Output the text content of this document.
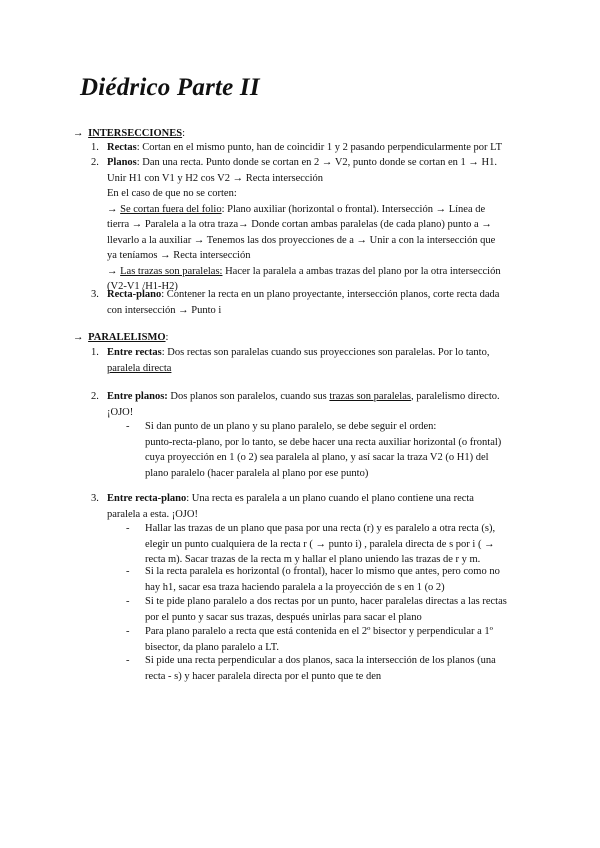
Diédrico Parte II
→ INTERSECCIONES:
1. Rectas: Cortan en el mismo punto, han de coincidir 1 y 2 pasando perpendicularmente por LT
2. Planos: Dan una recta. Punto donde se cortan en 2 → V2, punto donde se cortan en 1 → H1.
Unir H1 con V1 y H2 cos V2 → Recta intersección
En el caso de que no se corten:
→ Se cortan fuera del folio: Plano auxiliar (horizontal o frontal). Intersección → Línea de
tierra → Paralela a la otra traza→ Donde cortan ambas paralelas (de cada plano) punto a →
llevarlo a la auxiliar → Tenemos las dos proyecciones de a → Unir a con la intersección que
ya teníamos → Recta intersección
→ Las trazas son paralelas: Hacer la paralela a ambas trazas del plano por la otra intersección
(V2-V1 /H1-H2)
3. Recta-plano: Contener la recta en un plano proyectante, intersección planos, corte recta dada
con intersección → Punto i
→ PARALELISMO:
1. Entre rectas: Dos rectas son paralelas cuando sus proyecciones son paralelas. Por lo tanto,
paralela directa
2. Entre planos: Dos planos son paralelos, cuando sus trazas son paralelas, paralelismo directo.
¡OJO!
- Si dan punto de un plano y su plano paralelo, se debe seguir el orden:
punto-recta-plano, por lo tanto, se debe hacer una recta auxiliar horizontal (o frontal)
cuya proyección en 1 (o 2) sea paralela al plano, y así sacar la traza V2 (o H1) del
plano paralelo (hacer paralela al plano por ese punto)
3. Entre recta-plano: Una recta es paralela a un plano cuando el plano contiene una recta
paralela a esta. ¡OJO!
- Hallar las trazas de un plano que pasa por una recta (r) y es paralelo a otra recta (s),
elegir un punto cualquiera de la recta r ( → punto i) , paralela directa de s por i ( →
recta m). Sacar trazas de la recta m y hallar el plano uniendo las trazas de r y m.
- Si la recta paralela es horizontal (o frontal), hacer lo mismo que antes, pero como no
hay h1, sacar esa traza haciendo paralela a la proyección de s en 1 (o 2)
- Si te pide plano paralelo a dos rectas por un punto, hacer paralelas directas a las rectas
por el punto y sacar sus trazas, después unirlas para sacar el plano
- Para plano paralelo a recta que está contenida en el 2º bisector y perpendicular a 1º
bisector, da plano paralelo a LT.
- Si pide una recta perpendicular a dos planos, saca la intersección de los planos (una
recta - s) y hacer paralela directa por el punto que te den
